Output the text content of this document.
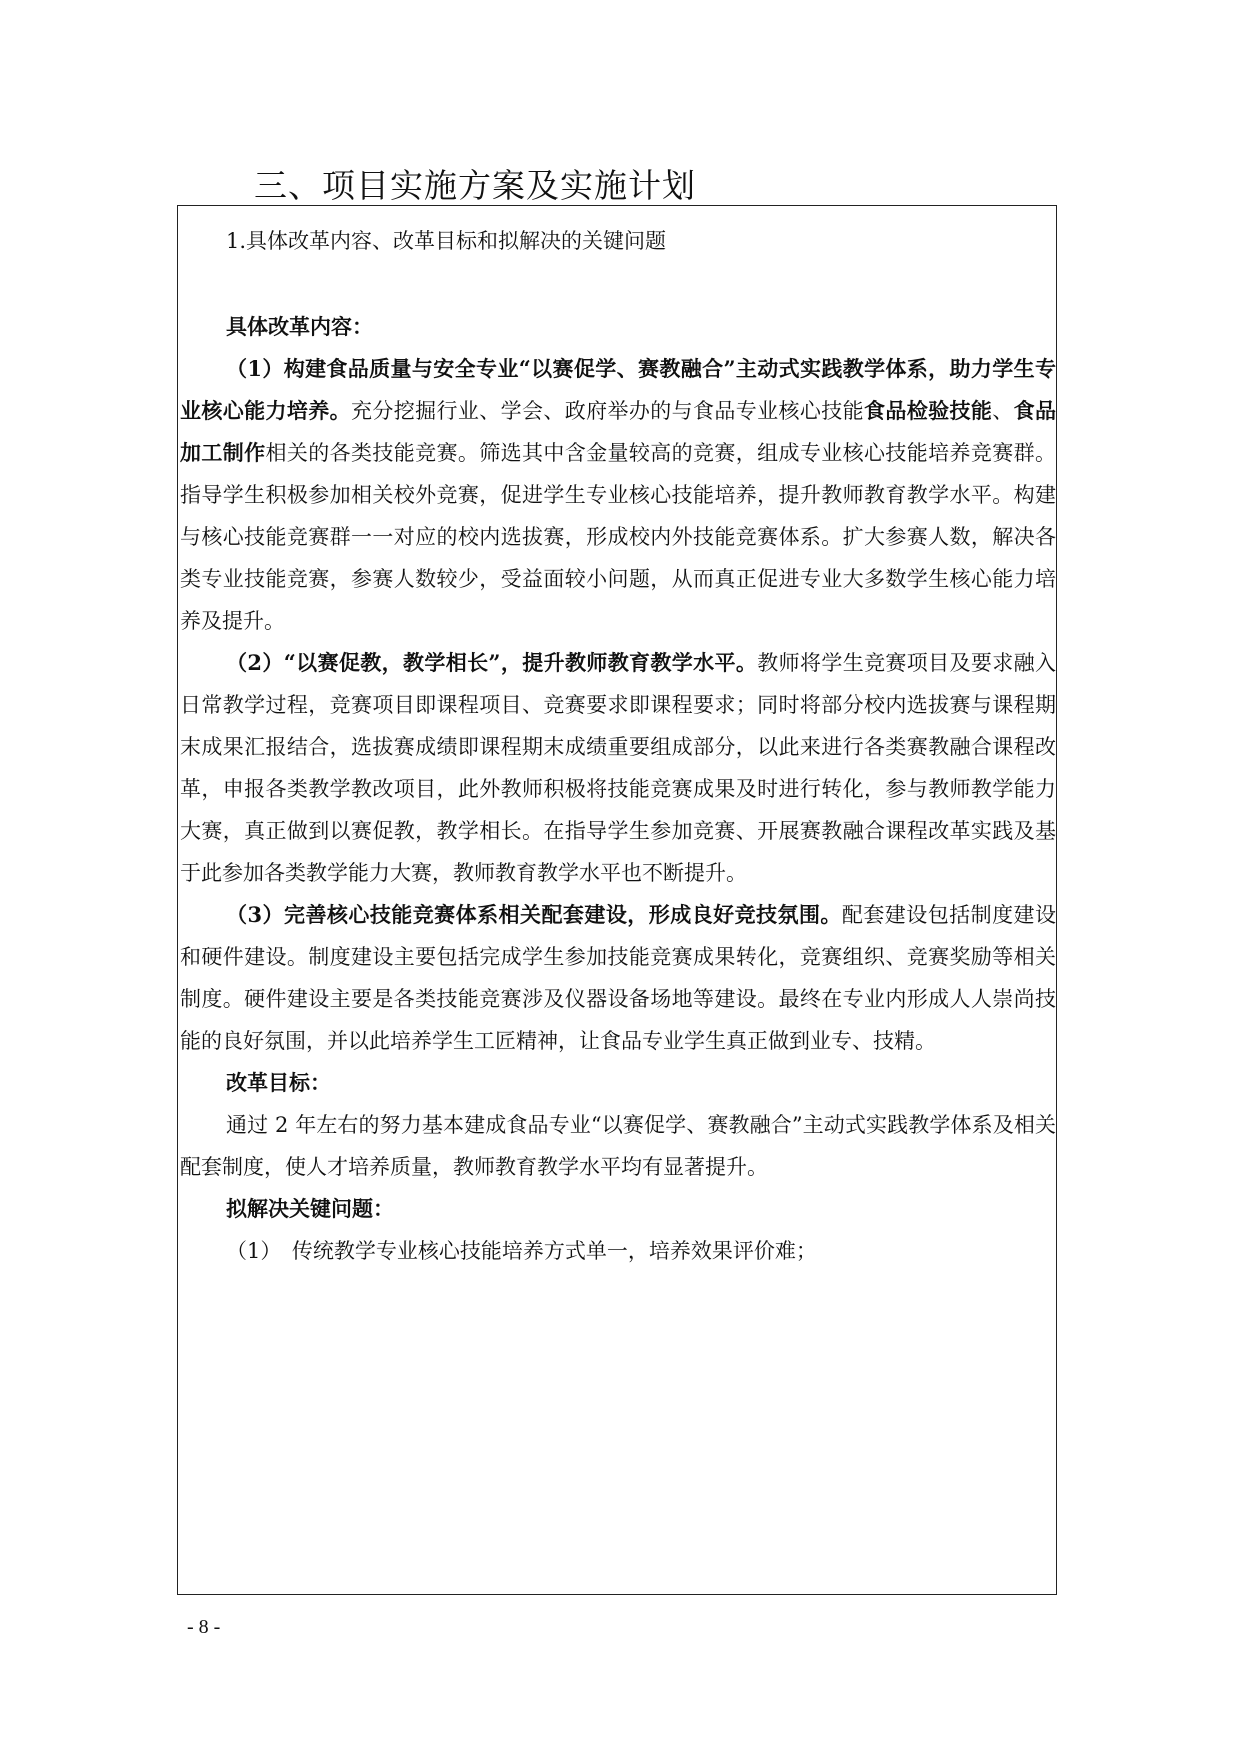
三、项目实施方案及实施计划

1.具体改革内容、改革目标和拟解决的关键问题

具体改革内容：

（1）构建食品质量与安全专业“以赛促学、赛教融合”主动式实践教学体系，助力学生专业核心能力培养。充分挖掘行业、学会、政府举办的与食品专业核心技能食品检验技能、食品加工制作相关的各类技能竞赛。筛选其中含金量较高的竞赛，组成专业核心技能培养竞赛群。指导学生积极参加相关校外竞赛，促进学生专业核心技能培养，提升教师教育教学水平。构建与核心技能竞赛群一一对应的校内选拔赛，形成校内外技能竞赛体系。扩大参赛人数，解决各类专业技能竞赛，参赛人数较少，受益面较小问题，从而真正促进专业大多数学生核心能力培养及提升。

（2）“以赛促教，教学相长”，提升教师教育教学水平。教师将学生竞赛项目及要求融入日常教学过程，竞赛项目即课程项目、竞赛要求即课程要求；同时将部分校内选拔赛与课程期末成果汇报结合，选拔赛成绩即课程期末成绩重要组成部分，以此来进行各类赛教融合课程改革，申报各类教学教改项目，此外教师积极将技能竞赛成果及时进行转化，参与教师教学能力大赛，真正做到以赛促教，教学相长。在指导学生参加竞赛、开展赛教融合课程改革实践及基于此参加各类教学能力大赛，教师教育教学水平也不断提升。

（3）完善核心技能竞赛体系相关配套建设，形成良好竞技氛围。配套建设包括制度建设和硬件建设。制度建设主要包括完成学生参加技能竞赛成果转化，竞赛组织、竞赛奖励等相关制度。硬件建设主要是各类技能竞赛涉及仪器设备场地等建设。最终在专业内形成人人崇尚技能的良好氛围，并以此培养学生工匠精神，让食品专业学生真正做到业专、技精。

改革目标：

通过 2 年左右的努力基本建成食品专业“以赛促学、赛教融合”主动式实践教学体系及相关配套制度，使人才培养质量，教师教育教学水平均有显著提升。

拟解决关键问题：

（1）　传统教学专业核心技能培养方式单一，培养效果评价难；

- 8 -
